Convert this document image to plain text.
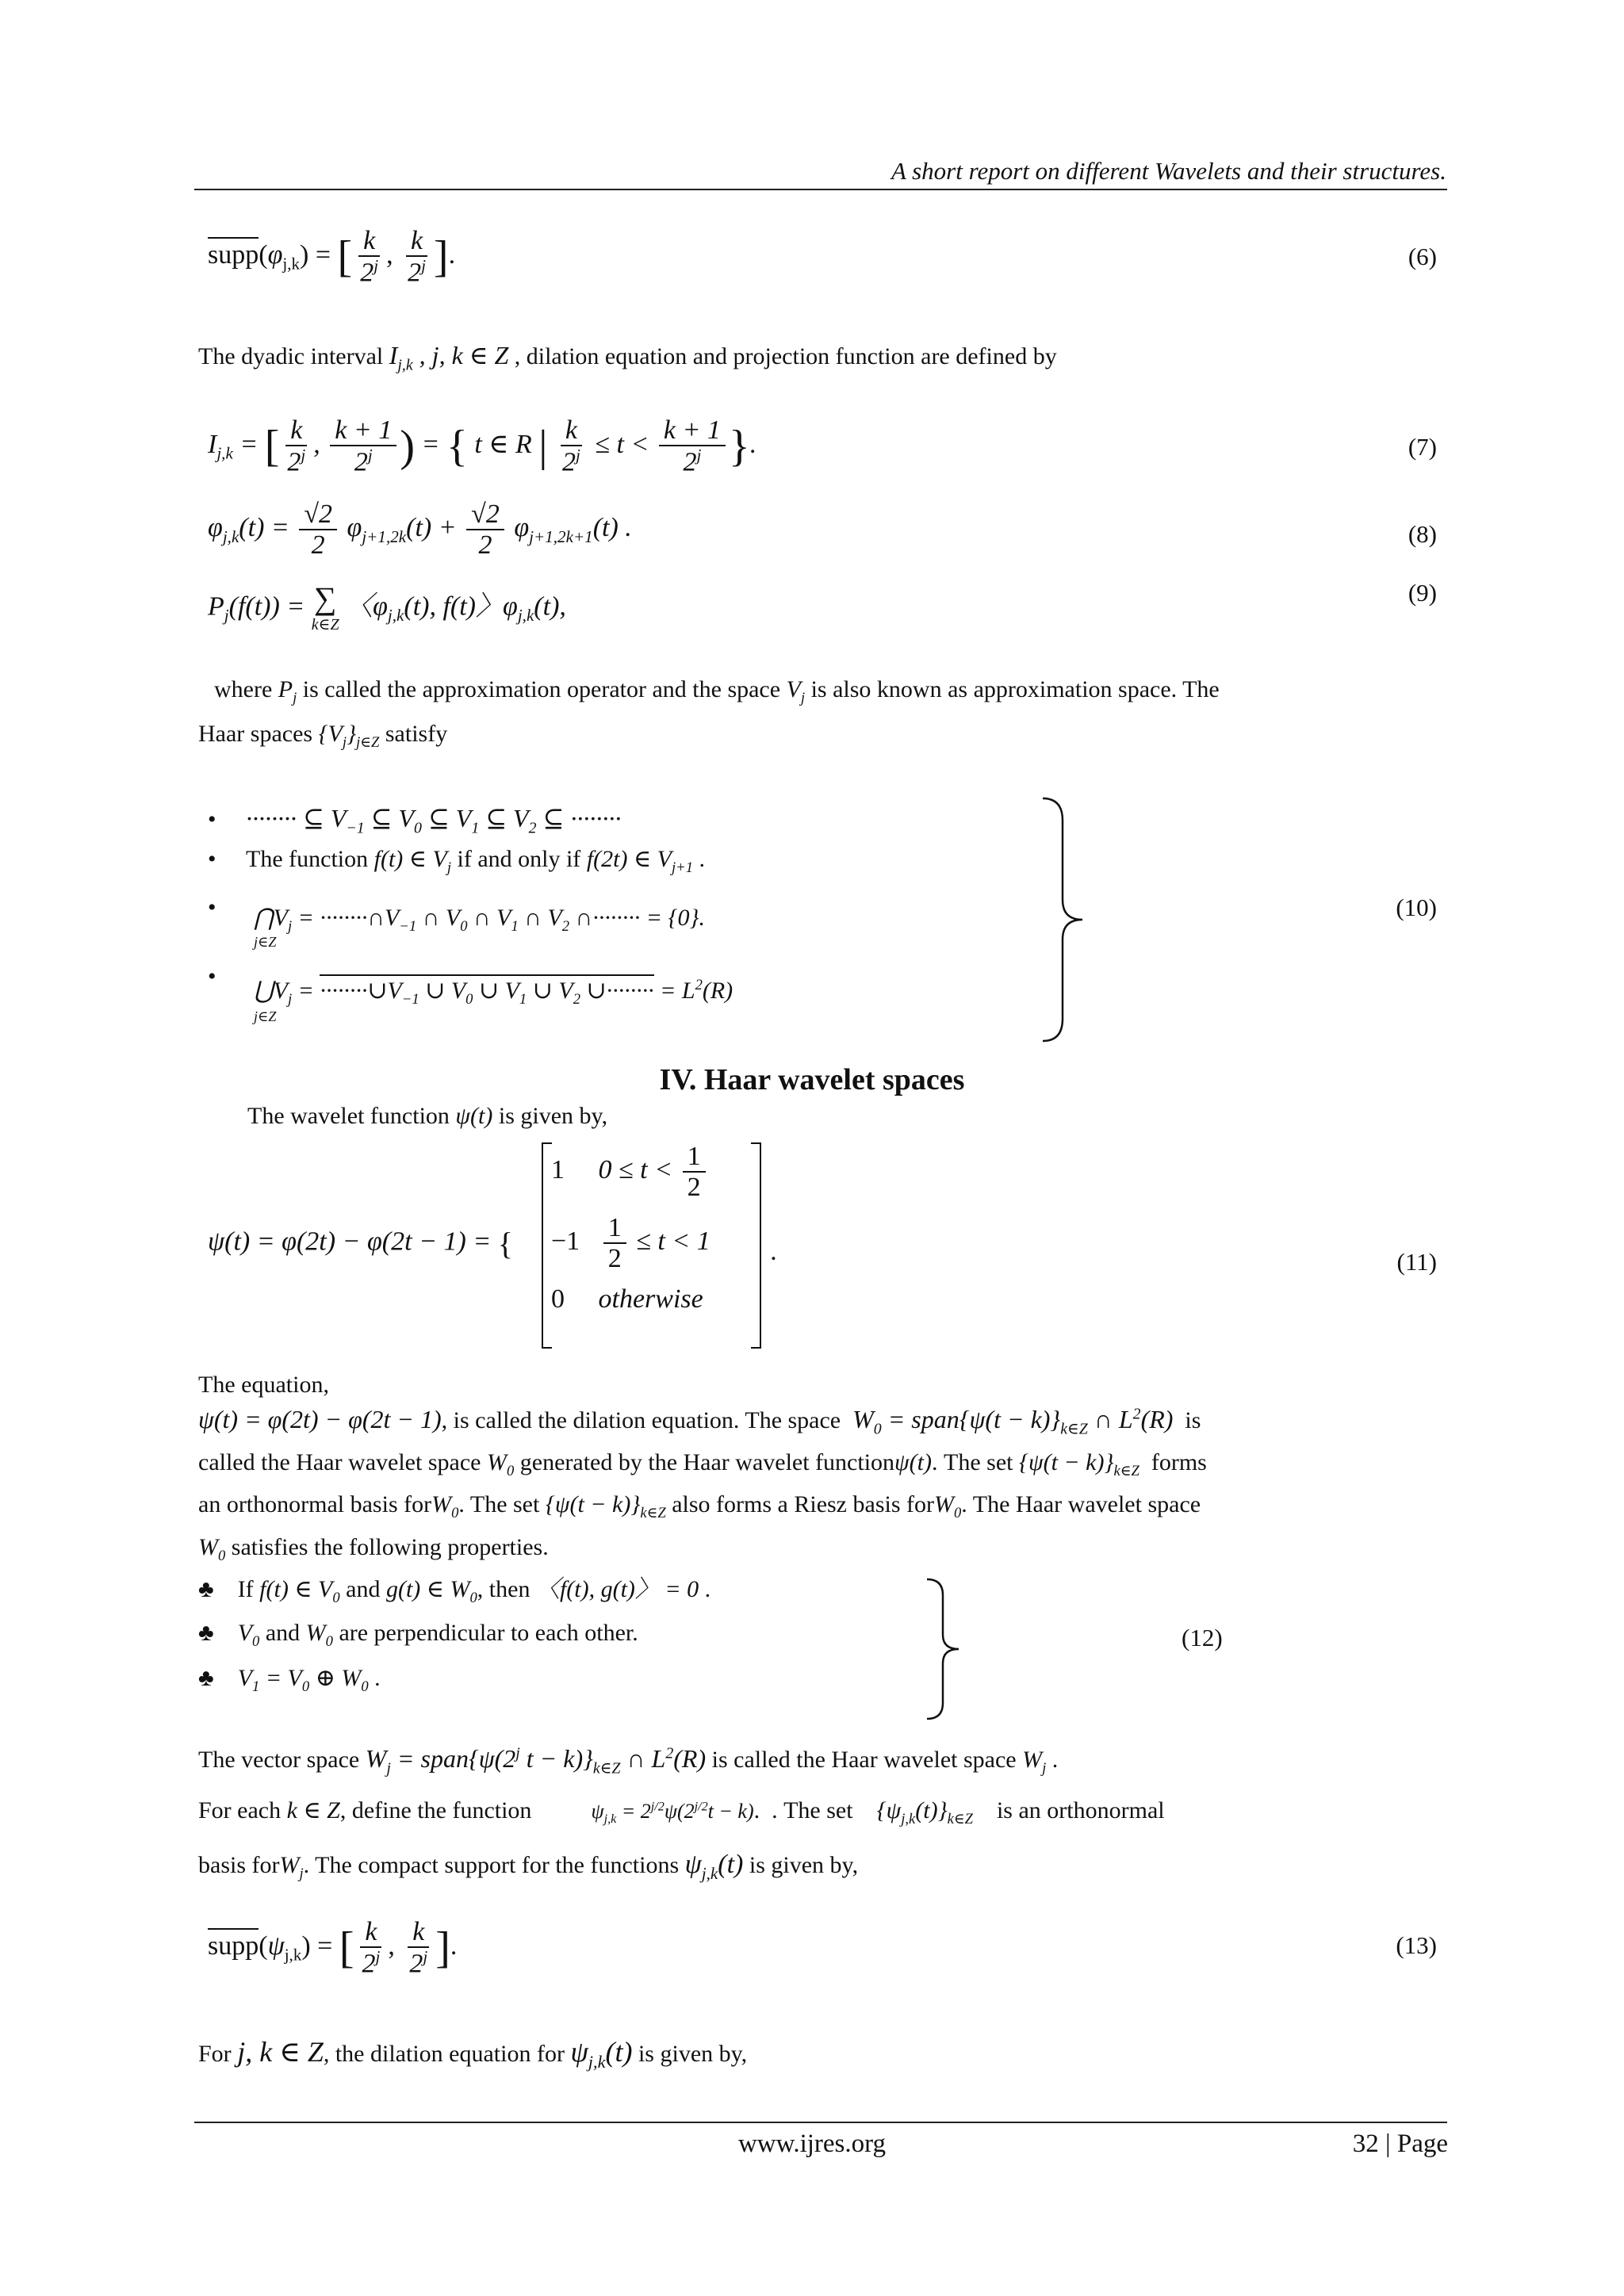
A short report on different Wavelets and their structures.
$supp(\varphi_{j,k})$ = [ $\frac{k}{2^j}$ , $\frac{k}{2^j}$ ].	(6)
The dyadic interval $I_{j,k}$ , j, k ∈ Z , dilation equation and projection function are defined by
$I_{j,k}$ = [ $\frac{k}{2^j}$ , $\frac{k + 1}{2^j}$ ) = { t ∈ R | $\frac{k}{2^j} \le t < \frac{k + 1}{2^j}$ }.	(7)
$\varphi_{j,k}(t) = \frac{√2}{2} \varphi_{j+1,2k}(t) + \frac{√2}{2} \varphi_{j+1,2k+1}(t)$ .	(8)
$P_j(f(t))$ = ∑
k∈Z
〈$\varphi_{j,k}(t)$, f(t)〉$\varphi_{j,k}(t)$,	(9)
where $P_j$ is called the approximation operator and the space $V_j$ is also known as approximation space. The
Haar spaces $\{V_j\}_{j\in Z}$ satisfy
•     ········ ⊆ $V_{-1}$ ⊆ $V_0$ ⊆ $V_1$ ⊆ $V_2$ ⊆ ········
•     The function f(t) ∈ $V_j$ if and only if f(2t) ∈ $V_{j+1}$ .
• $⋂V_j$ = $\cdot\cdot\cdot\cdot\cdot\cdot\cdot\cdot\cap V_{-1}$ ∩ $V_0$ ∩ $V_1$ ∩ $V_2$ ∩········ = {0}.
j∈Z
•
$⋃V_j$ = $\cdot\cdot\cdot\cdot\cdot\cdot\cdot\cdot\cup V_{-1}$ ∪ $V_0$ ∪ $V_1$ ∪ $V_2$ ∪········ = $L^2(R)$
j∈Z
(10)
IV. Haar wavelet spaces
The wavelet function ψ(t) is given by,
ψ(t) = φ(2t) − φ(2t − 1) = {
1 $0 \le t < \frac{1}{2}$
$-1 \frac{1}{2} \le t < 1$
0 otherwise
.	(11)
The equation,
ψ(t) = φ(2t) − φ(2t − 1), is called the dilation equation. The space $W_0$ = span{ψ(t − $k)\}_{k\in Z}$ ∩ $L^2(R)$ is
called the Haar wavelet space $W_0$ generated by the Haar wavelet functionψ(t). The set $\{\psi(t - k)\}_{k\in Z}$ forms
an orthonormal basis forW$_0$. The set $\{\psi(t - k)\}_{k\in Z}$ also forms a Riesz basis forW$_0$. The Haar wavelet space
$W_0$ satisfies the following properties.
♣    If f(t) ∈ $V_0$ and g(t) ∈ $W_0$, then 〈f(t), g(t)〉 = 0 .
♣    $V_0$ and $W_0$ are perpendicular to each other.
♣    $V_1 = V_0$ ⊕ $W_0$ .
(12)
The vector space $W_j$ = $span\{\psi(2^j$ $t - k)\}_{k\in Z}$ ∩ $L^2(R)$ is called the Haar wavelet space $W_j$ .
For each k ∈ Z, define the function	$\psi_{j,k} = 2^{j/2}\psi(2^{j/2}t - k)$.  . The set $\{\psi_{j,k}(t)\}_{k\in Z}$ is an orthonormal
basis forW$_j$. The compact support for the functions $\psi_{j,k}(t)$ is given by,
$supp(\psi_{j,k})$ = [ $\frac{k}{2^j}$ , $\frac{k}{2^j}$ ].	(13)
For j, k ∈ Z, the dilation equation for $\psi_{j,k}(t)$ is given by,
www.ijres.org	32 | Page
